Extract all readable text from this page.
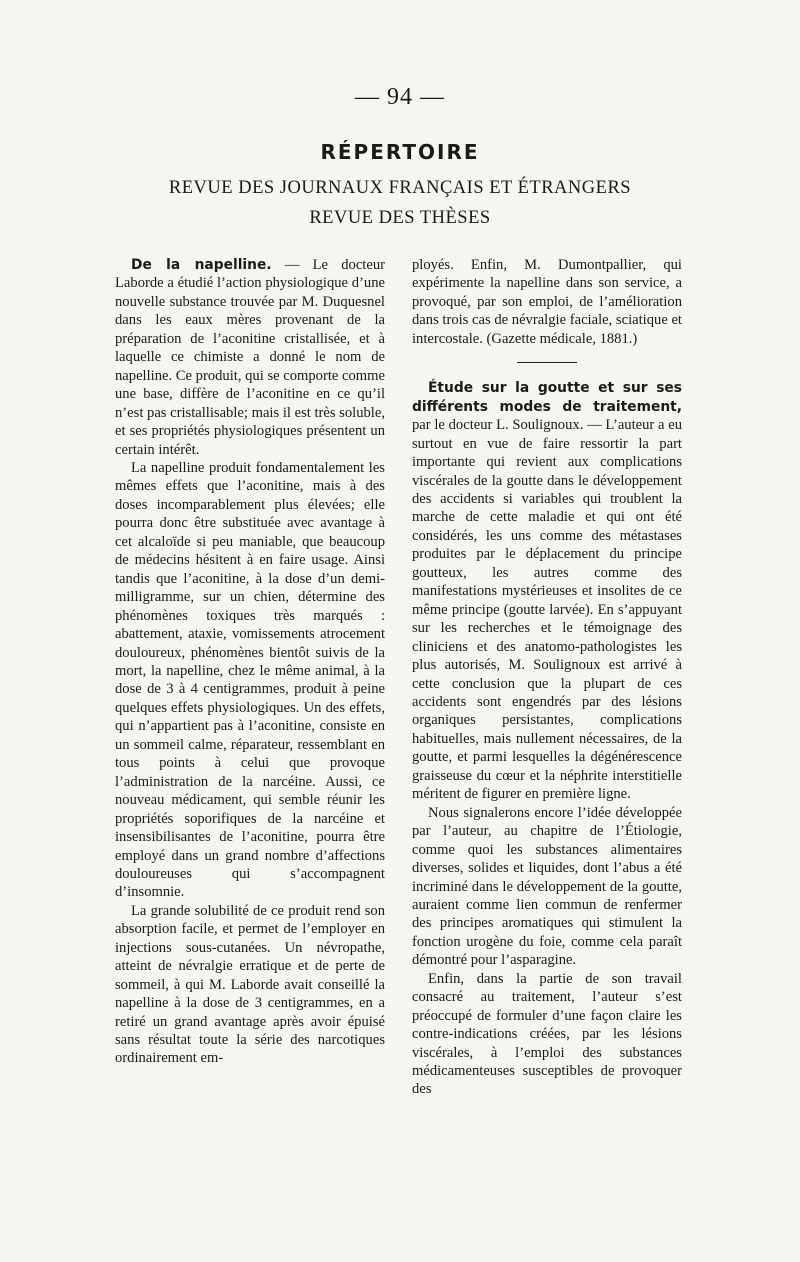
— 94 —
RÉPERTOIRE
REVUE DES JOURNAUX FRANÇAIS ET ÉTRANGERS
REVUE DES THÈSES

De la napelline. — Le docteur Laborde a étudié l’action physiologique d’une nouvelle substance trouvée par M. Duquesnel dans les eaux mères provenant de la préparation de l’aconitine cristallisée, et à laquelle ce chimiste a donné le nom de napelline. Ce produit, qui se comporte comme une base, diffère de l’aconitine en ce qu’il n’est pas cristallisable; mais il est très soluble, et ses propriétés physiologiques présentent un certain intérêt.

La napelline produit fondamentalement les mêmes effets que l’aconitine, mais à des doses incomparablement plus élevées; elle pourra donc être substituée avec avantage à cet alcaloïde si peu maniable, que beaucoup de médecins hésitent à en faire usage. Ainsi tandis que l’aconitine, à la dose d’un demi-milligramme, sur un chien, détermine des phénomènes toxiques très marqués : abattement, ataxie, vomissements atrocement douloureux, phénomènes bientôt suivis de la mort, la napelline, chez le même animal, à la dose de 3 à 4 centigrammes, produit à peine quelques effets physiologiques. Un des effets, qui n’appartient pas à l’aconitine, consiste en un sommeil calme, réparateur, ressemblant en tous points à celui que provoque l’administration de la narcéine. Aussi, ce nouveau médicament, qui semble réunir les propriétés soporifiques de la narcéine et insensibilisantes de l’aconitine, pourra être employé dans un grand nombre d’affections douloureuses qui s’accompagnent d’insomnie.

La grande solubilité de ce produit rend son absorption facile, et permet de l’employer en injections sous-cutanées. Un névropathe, atteint de névralgie erratique et de perte de sommeil, à qui M. Laborde avait conseillé la napelline à la dose de 3 centigrammes, en a retiré un grand avantage après avoir épuisé sans résultat toute la série des narcotiques ordinairement em-

ployés. Enfin, M. Dumontpallier, qui expérimente la napelline dans son service, a provoqué, par son emploi, de l’amélioration dans trois cas de névralgie faciale, sciatique et intercostale. (Gazette médicale, 1881.)

Étude sur la goutte et sur ses différents modes de traitement, par le docteur L. Soulignoux. — L’auteur a eu surtout en vue de faire ressortir la part importante qui revient aux complications viscérales de la goutte dans le développement des accidents si variables qui troublent la marche de cette maladie et qui ont été considérés, les uns comme des métastases produites par le déplacement du principe goutteux, les autres comme des manifestations mystérieuses et insolites de ce même principe (goutte larvée). En s’appuyant sur les recherches et le témoignage des cliniciens et des anatomo-pathologistes les plus autorisés, M. Soulignoux est arrivé à cette conclusion que la plupart de ces accidents sont engendrés par des lésions organiques persistantes, complications habituelles, mais nullement nécessaires, de la goutte, et parmi lesquelles la dégénérescence graisseuse du cœur et la néphrite interstitielle méritent de figurer en première ligne.

Nous signalerons encore l’idée développée par l’auteur, au chapitre de l’Étiologie, comme quoi les substances alimentaires diverses, solides et liquides, dont l’abus a été incriminé dans le développement de la goutte, auraient comme lien commun de renfermer des principes aromatiques qui stimulent la fonction urogène du foie, comme cela paraît démontré pour l’asparagine.

Enfin, dans la partie de son travail consacré au traitement, l’auteur s’est préoccupé de formuler d’une façon claire les contre-indications créées, par les lésions viscérales, à l’emploi des substances médicamenteuses susceptibles de provoquer des
